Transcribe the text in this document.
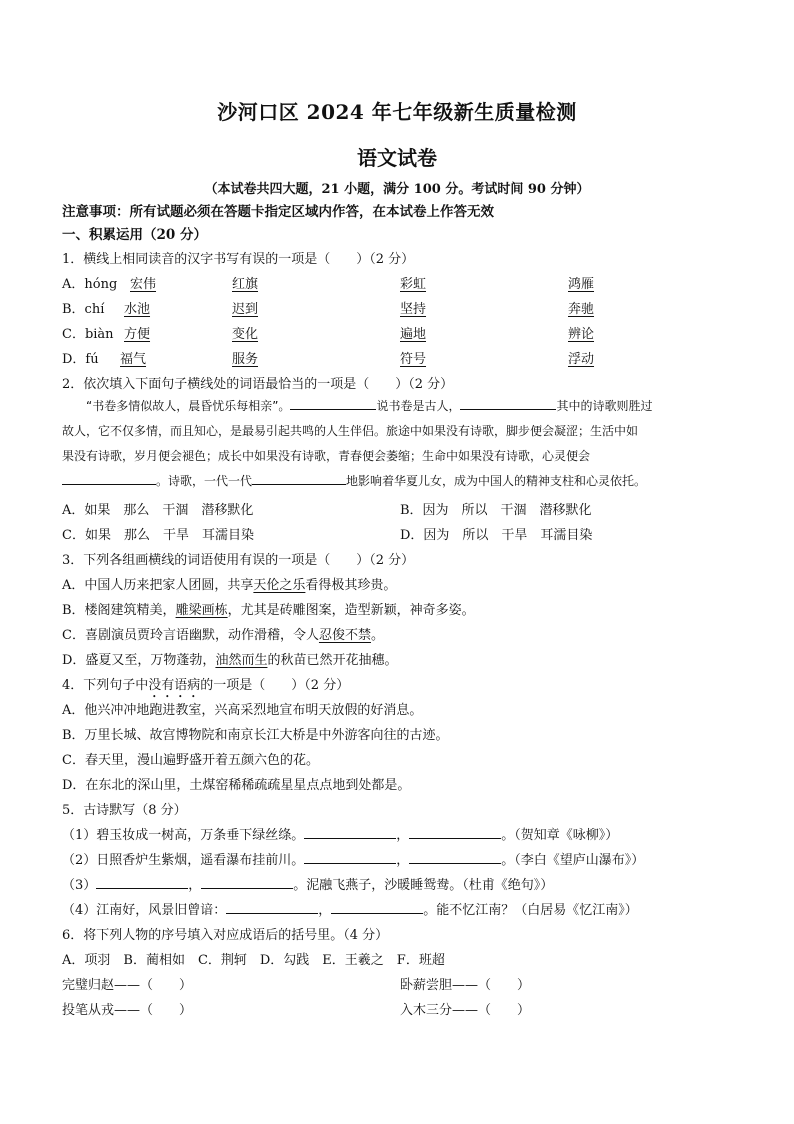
沙河口区 2024 年七年级新生质量检测
语文试卷
（本试卷共四大题，21 小题，满分 100 分。考试时间 90 分钟）
注意事项：所有试题必须在答题卡指定区域内作答，在本试卷上作答无效
一、积累运用（20 分）
1．横线上相同读音的汉字书写有误的一项是（　　）（2 分）
A．hóng 宏伟	红旗	彩虹	鸿雁
B．chí 水池	迟到	坚持	奔驰
C．biàn 方便	变化	遍地	辨论
D．fú 福气	服务	符号	浮动
2．依次填入下面句子横线处的词语最恰当的一项是（　　）（2 分）
“书卷多情似故人，晨昏忧乐每相亲”。	说书卷是古人，	其中的诗歌则胜过
故人，它不仅多情，而且知心，是最易引起共鸣的人生伴侣。旅途中如果没有诗歌，脚步便会凝涩；生活中如
果没有诗歌，岁月便会褪色；成长中如果没有诗歌，青春便会萎缩；生命中如果没有诗歌，心灵便会
。诗歌，一代一代	地影响着华夏儿女，成为中国人的精神支柱和心灵依托。
A．如果　那么　干涸　潜移默化	B．因为　所以　干涸　潜移默化
C．如果　那么　干旱　耳濡目染	D．因为　所以　干旱　耳濡目染
3．下列各组画横线的词语使用有误的一项是（　　）（2 分）
A．中国人历来把家人团圆，共享天伦之乐看得极其珍贵。
B．楼阁建筑精美，雕梁画栋，尤其是砖雕图案，造型新颖，神奇多姿。
C．喜剧演员贾玲言语幽默，动作滑稽，令人忍俊不禁。
D．盛夏又至，万物蓬勃，油然而生的秋苗已然开花抽穗。
4．下列句子中没有语病的一项是（　　）（2 分）
A．他兴冲冲地跑进教室，兴高采烈地宣布明天放假的好消息。
B．万里长城、故宫博物院和南京长江大桥是中外游客向往的古迹。
C．春天里，漫山遍野盛开着五颜六色的花。
D．在东北的深山里，土煤窑稀稀疏疏星星点点地到处都是。
5．古诗默写（8 分）
（1）碧玉妆成一树高，万条垂下绿丝绦。	，	。（贺知章《咏柳》）
（2）日照香炉生紫烟，遥看瀑布挂前川。	，	。（李白《望庐山瀑布》）
（3）	，	。泥融飞燕子，沙暖睡鸳鸯。（杜甫《绝句》）
（4）江南好，风景旧曾谙：	，	。能不忆江南？（白居易《忆江南》）
6．将下列人物的序号填入对应成语后的括号里。（4 分）
A．项羽　B．蔺相如　C．荆轲　D．勾践　E．王羲之　F．班超
完璧归赵——（　　）	卧薪尝胆——（　　）
投笔从戎——（　　）	入木三分——（　　）
